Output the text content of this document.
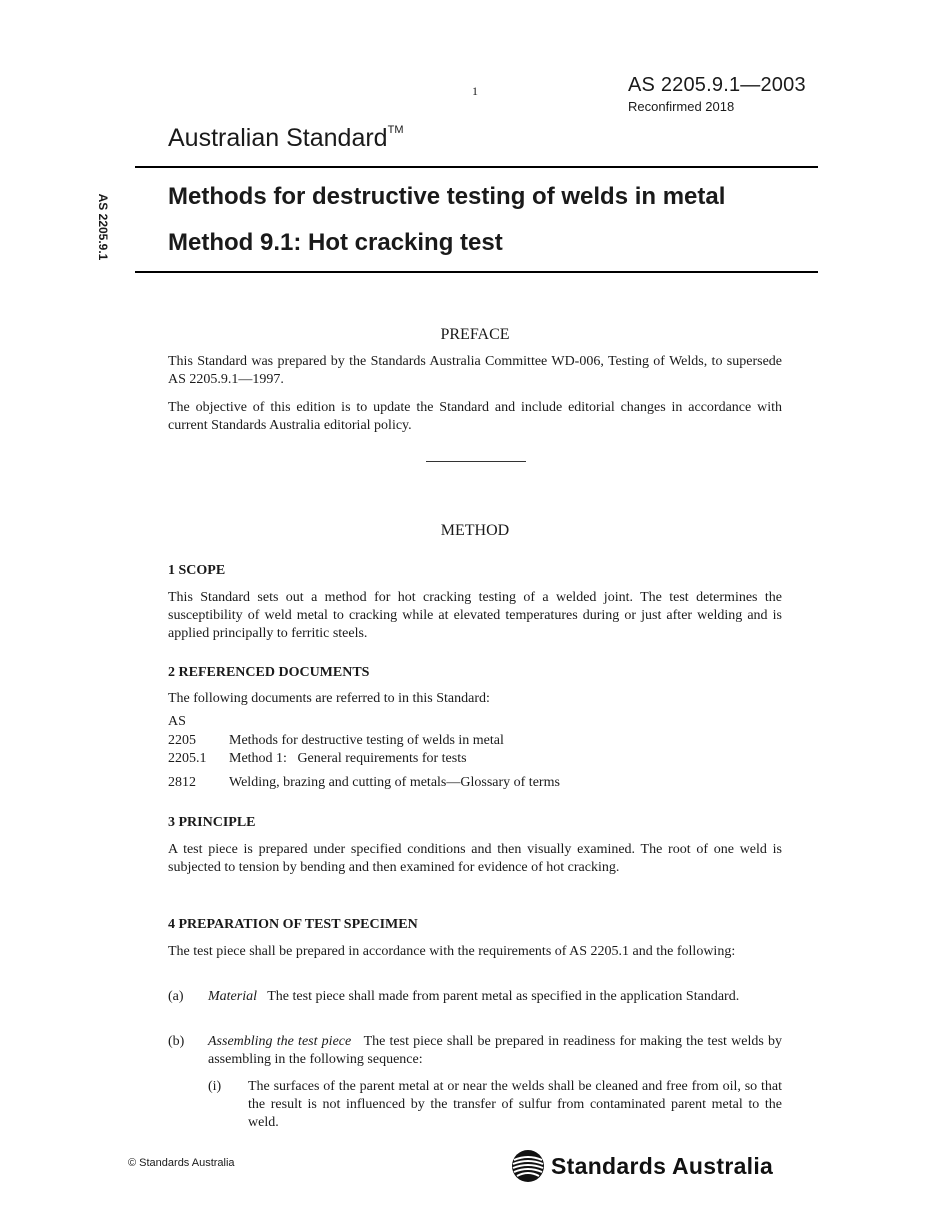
1	AS 2205.9.1—2003
Reconfirmed 2018
Australian Standard™
Methods for destructive testing of welds in metal
Method 9.1: Hot cracking test
AS 2205.9.1
PREFACE
This Standard was prepared by the Standards Australia Committee WD-006, Testing of Welds, to supersede AS 2205.9.1—1997.
The objective of this edition is to update the Standard and include editorial changes in accordance with current Standards Australia editorial policy.
METHOD
1 SCOPE
This Standard sets out a method for hot cracking testing of a welded joint. The test determines the susceptibility of weld metal to cracking while at elevated temperatures during or just after welding and is applied principally to ferritic steels.
2 REFERENCED DOCUMENTS
The following documents are referred to in this Standard:
AS
2205 Methods for destructive testing of welds in metal
2205.1 Method 1:   General requirements for tests
2812 Welding, brazing and cutting of metals—Glossary of terms
3 PRINCIPLE
A test piece is prepared under specified conditions and then visually examined. The root of one weld is subjected to tension by bending and then examined for evidence of hot cracking.
4 PREPARATION OF TEST SPECIMEN
The test piece shall be prepared in accordance with the requirements of AS 2205.1 and the following:
(a) Material The test piece shall made from parent metal as specified in the application Standard.
(b) Assembling the test piece The test piece shall be prepared in readiness for making the test welds by assembling in the following sequence:
(i) The surfaces of the parent metal at or near the welds shall be cleaned and free from oil, so that the result is not influenced by the transfer of sulfur from contaminated parent metal to the weld.
© Standards Australia	Standards Australia
